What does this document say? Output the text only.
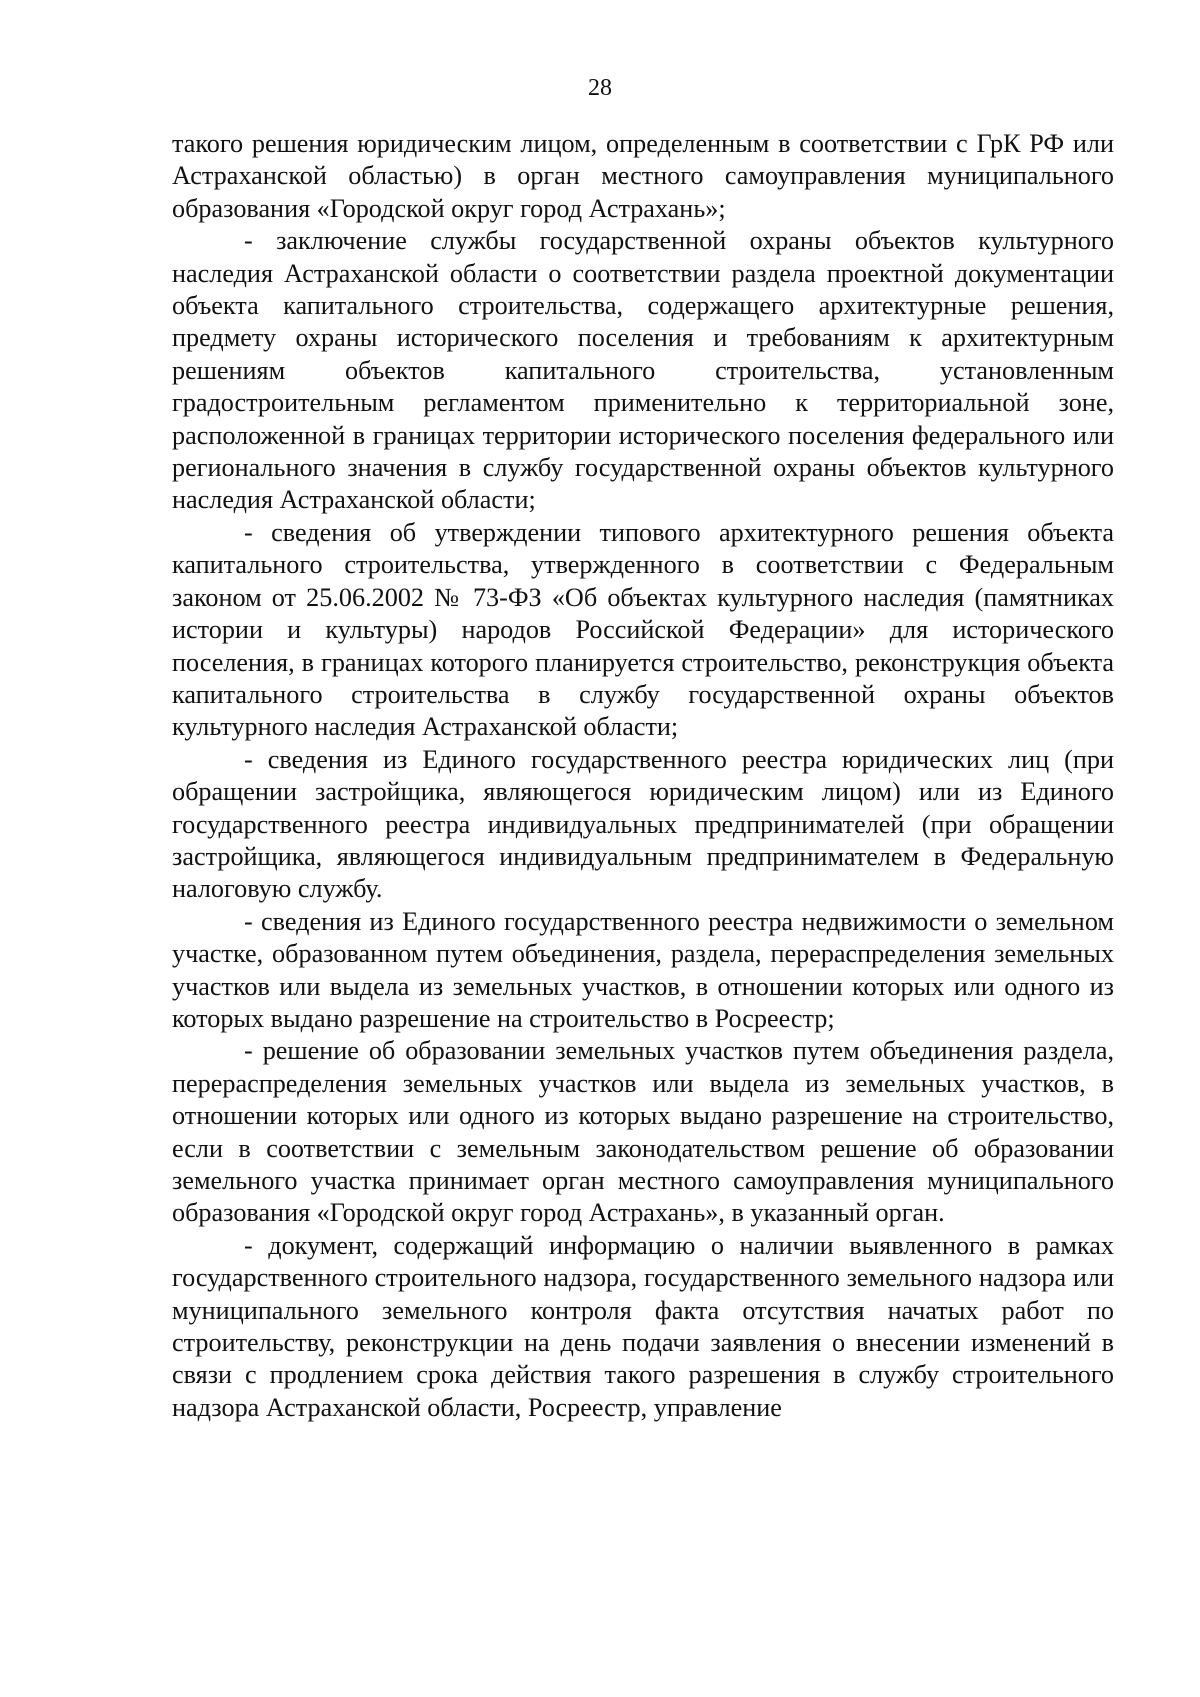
28

такого решения юридическим лицом, определенным в соответствии с ГрК РФ или Астраханской областью) в орган местного самоуправления муниципального образования «Городской округ город Астрахань»;

- заключение службы государственной охраны объектов культурного наследия Астраханской области о соответствии раздела проектной документации объекта капитального строительства, содержащего архитектурные решения, предмету охраны исторического поселения и требованиям к архитектурным решениям объектов капитального строительства, установленным градостроительным регламентом применительно к территориальной зоне, расположенной в границах территории исторического поселения федерального или регионального значения в службу государственной охраны объектов культурного наследия Астраханской области;

- сведения об утверждении типового архитектурного решения объекта капитального строительства, утвержденного в соответствии с Федеральным законом от 25.06.2002 № 73-ФЗ «Об объектах культурного наследия (памятниках истории и культуры) народов Российской Федерации» для исторического поселения, в границах которого планируется строительство, реконструкция объекта капитального строительства в службу государственной охраны объектов культурного наследия Астраханской области;

- сведения из Единого государственного реестра юридических лиц (при обращении застройщика, являющегося юридическим лицом) или из Единого государственного реестра индивидуальных предпринимателей (при обращении застройщика, являющегося индивидуальным предпринимателем в Федеральную налоговую службу.

- сведения из Единого государственного реестра недвижимости о земельном участке, образованном путем объединения, раздела, перераспределения земельных участков или выдела из земельных участков, в отношении которых или одного из которых выдано разрешение на строительство в Росреестр;

- решение об образовании земельных участков путем объединения раздела, перераспределения земельных участков или выдела из земельных участков, в отношении которых или одного из которых выдано разрешение на строительство, если в соответствии с земельным законодательством решение об образовании земельного участка принимает орган местного самоуправления муниципального образования «Городской округ город Астрахань», в указанный орган.

- документ, содержащий информацию о наличии выявленного в рамках государственного строительного надзора, государственного земельного надзора или муниципального земельного контроля факта отсутствия начатых работ по строительству, реконструкции на день подачи заявления о внесении изменений в связи с продлением срока действия такого разрешения в службу строительного надзора Астраханской области, Росреестр, управление
